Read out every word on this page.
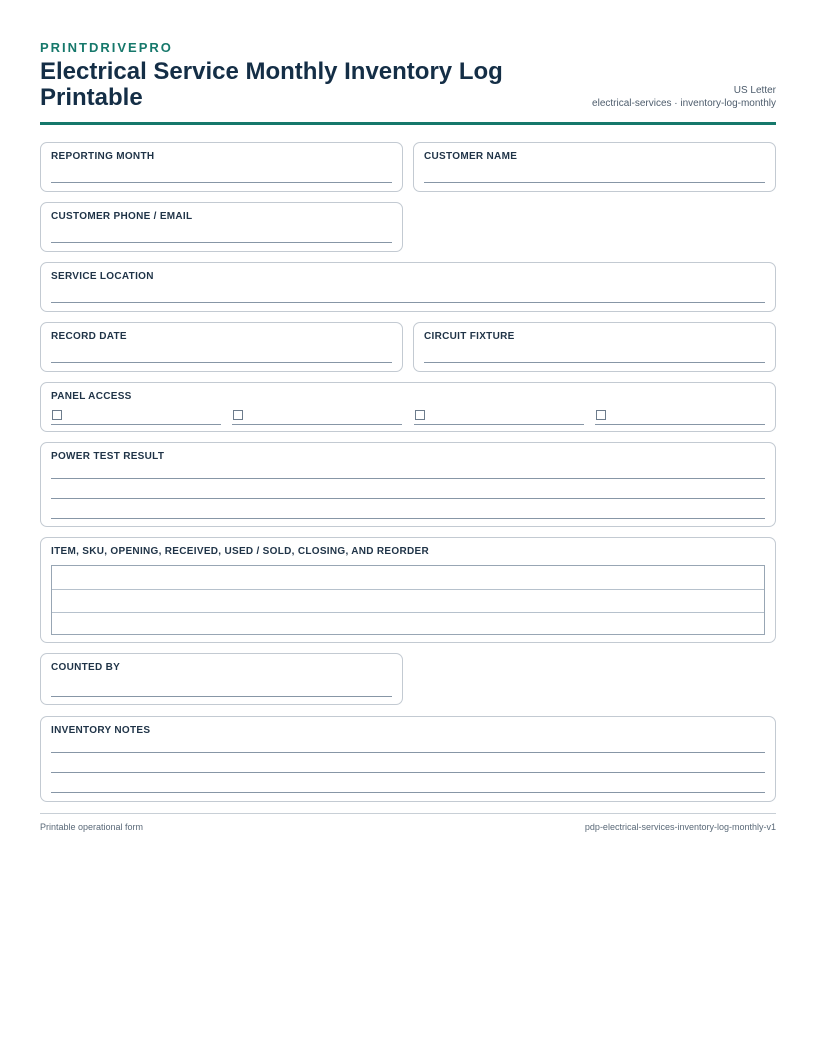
PRINTDRIVEPRO
Electrical Service Monthly Inventory Log Printable	US Letter
electrical-services · inventory-log-monthly
REPORTING MONTH	CUSTOMER NAME
CUSTOMER PHONE / EMAIL
SERVICE LOCATION
RECORD DATE	CIRCUIT FIXTURE
PANEL ACCESS
POWER TEST RESULT
ITEM, SKU, OPENING, RECEIVED, USED / SOLD, CLOSING, AND REORDER
COUNTED BY
INVENTORY NOTES
Printable operational form	pdp-electrical-services-inventory-log-monthly-v1
